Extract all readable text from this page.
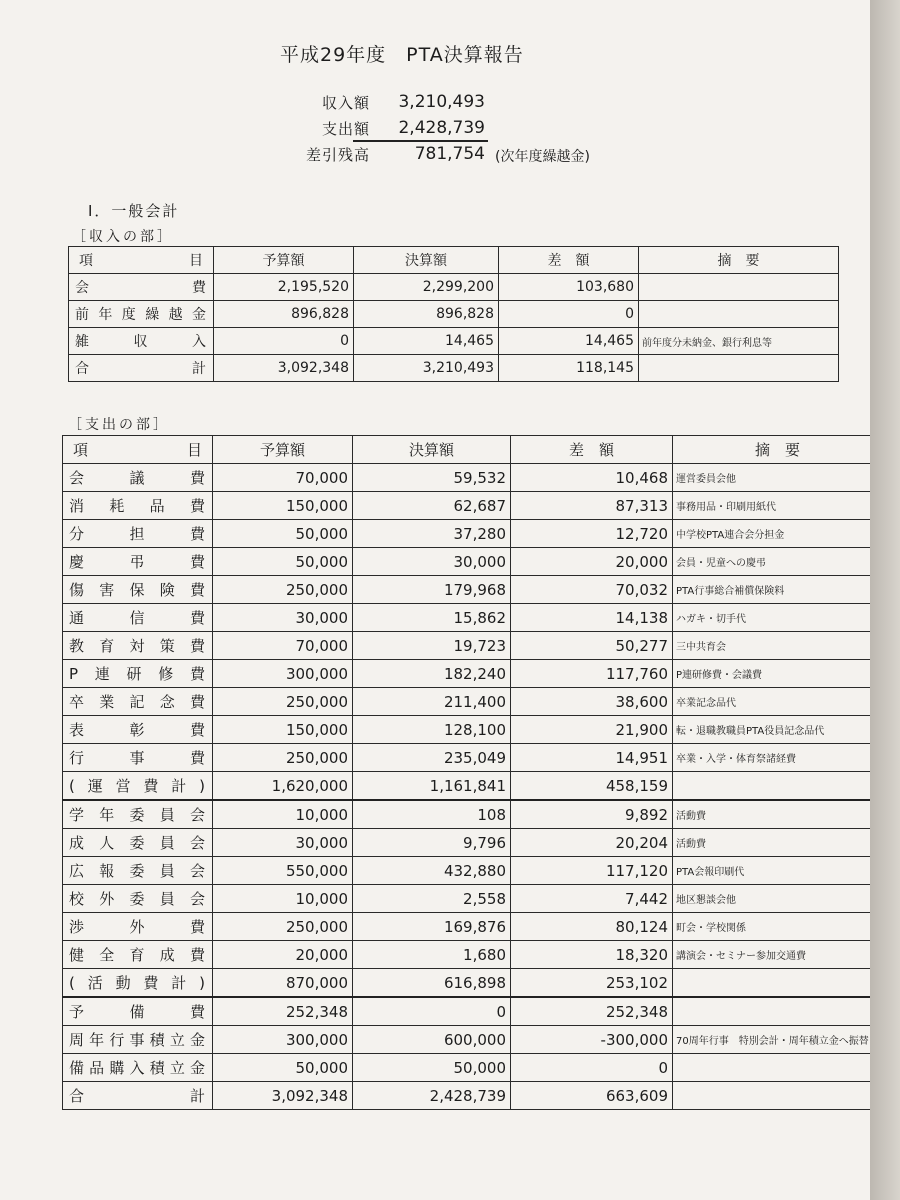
平成29年度　PTA決算報告
収入額	3,210,493
支出額	2,428,739
差引残高	781,754 (次年度繰越金)
Ⅰ．一般会計
［収入の部］
項　目	予算額	決算額	差　額	摘　要
会費	2,195,520	2,299,200	103,680	
前年度繰越金	896,828	896,828	0	
雑収入	0	14,465	14,465	前年度分未納金、銀行利息等
合計	3,092,348	3,210,493	118,145	
［支出の部］
項　目	予算額	決算額	差　額	摘　要
会議費	70,000	59,532	10,468	運営委員会他
消耗品費	150,000	62,687	87,313	事務用品・印刷用紙代
分担費	50,000	37,280	12,720	中学校PTA連合会分担金
慶弔費	50,000	30,000	20,000	会員・児童への慶弔
傷害保険費	250,000	179,968	70,032	PTA行事総合補償保険料
通信費	30,000	15,862	14,138	ハガキ・切手代
教育対策費	70,000	19,723	50,277	三中共育会
P連研修費	300,000	182,240	117,760	P連研修費・会議費
卒業記念費	250,000	211,400	38,600	卒業記念品代
表彰費	150,000	128,100	21,900	転・退職教職員PTA役員記念品代
行事費	250,000	235,049	14,951	卒業・入学・体育祭諸経費
(運営費計)	1,620,000	1,161,841	458,159	
学年委員会	10,000	108	9,892	活動費
成人委員会	30,000	9,796	20,204	活動費
広報委員会	550,000	432,880	117,120	PTA会報印刷代
校外委員会	10,000	2,558	7,442	地区懇談会他
渉外費	250,000	169,876	80,124	町会・学校関係
健全育成費	20,000	1,680	18,320	講演会・セミナー参加交通費
(活動費計)	870,000	616,898	253,102	
予備費	252,348	0	252,348	
周年行事積立金	300,000	600,000	-300,000	70周年行事　特別会計・周年積立金へ振替
備品購入積立金	50,000	50,000	0	
合計	3,092,348	2,428,739	663,609	
